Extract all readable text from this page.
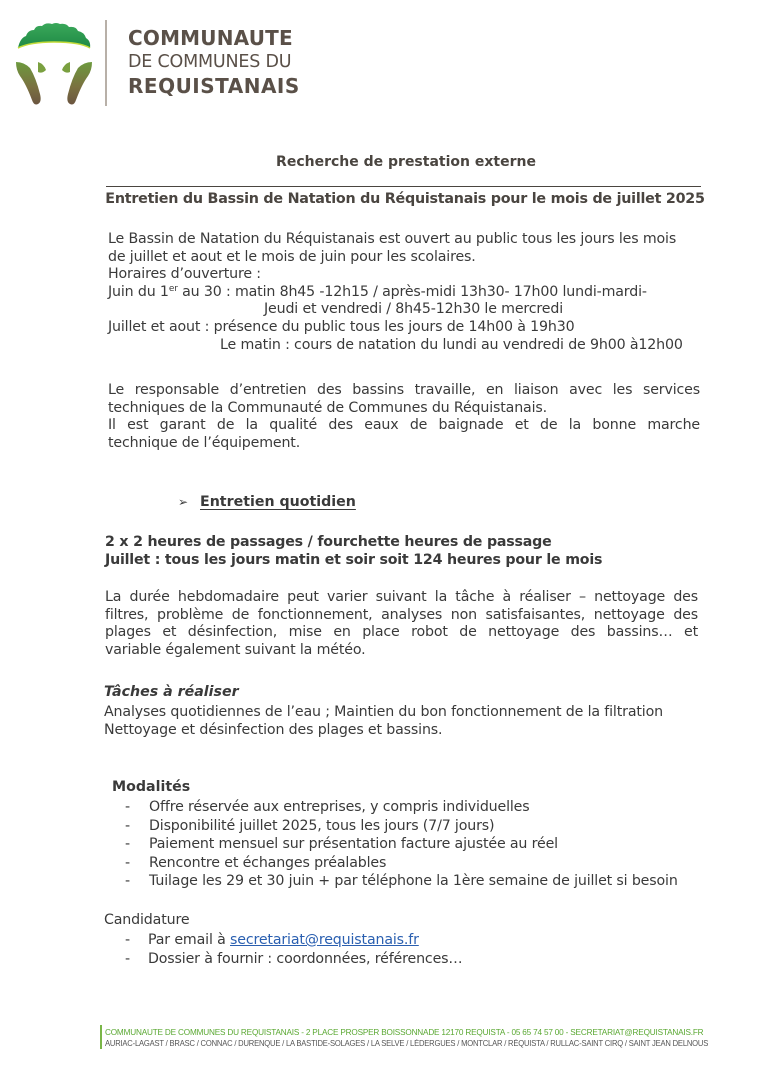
COMMUNAUTE
DE COMMUNES DU
REQUISTANAIS
Recherche de prestation externe
Entretien du Bassin de Natation du Réquistanais pour le mois de juillet 2025
Le Bassin de Natation du Réquistanais est ouvert au public tous les jours les mois
de juillet et aout et le mois de juin pour les scolaires.
Horaires d’ouverture :
Juin du 1er au 30 : matin 8h45 -12h15 / après-midi 13h30- 17h00 lundi-mardi-
Jeudi et vendredi / 8h45-12h30 le mercredi
Juillet et aout : présence du public tous les jours de 14h00 à 19h30
Le matin : cours de natation du lundi au vendredi de 9h00 à12h00
Le responsable d’entretien des bassins travaille, en liaison avec les services
techniques de la Communauté de Communes du Réquistanais.
Il est garant de la qualité des eaux de baignade et de la bonne marche
technique de l’équipement.
➢ Entretien quotidien
2 x 2 heures de passages / fourchette heures de passage
Juillet : tous les jours matin et soir soit 124 heures pour le mois
La durée hebdomadaire peut varier suivant la tâche à réaliser – nettoyage des
filtres, problème de fonctionnement, analyses non satisfaisantes, nettoyage des
plages et désinfection, mise en place robot de nettoyage des bassins… et
variable également suivant la météo.
Tâches à réaliser
Analyses quotidiennes de l’eau ; Maintien du bon fonctionnement de la filtration
Nettoyage et désinfection des plages et bassins.
Modalités
-	Offre réservée aux entreprises, y compris individuelles
-	Disponibilité juillet 2025, tous les jours (7/7 jours)
-	Paiement mensuel sur présentation facture ajustée au réel
-	Rencontre et échanges préalables
-	Tuilage les 29 et 30 juin + par téléphone la 1ère semaine de juillet si besoin
Candidature
-	Par email à secretariat@requistanais.fr
-	Dossier à fournir : coordonnées, références…
COMMUNAUTE DE COMMUNES DU REQUISTANAIS - 2 PLACE PROSPER BOISSONNADE 12170 REQUISTA - 05 65 74 57 00 - SECRETARIAT@REQUISTANAIS.FR
AURIAC-LAGAST / BRASC / CONNAC / DURENQUE / LA BASTIDE-SOLAGES / LA SELVE / LÉDERGUES / MONTCLAR / RÉQUISTA / RULLAC-SAINT CIRQ / SAINT JEAN DELNOUS
